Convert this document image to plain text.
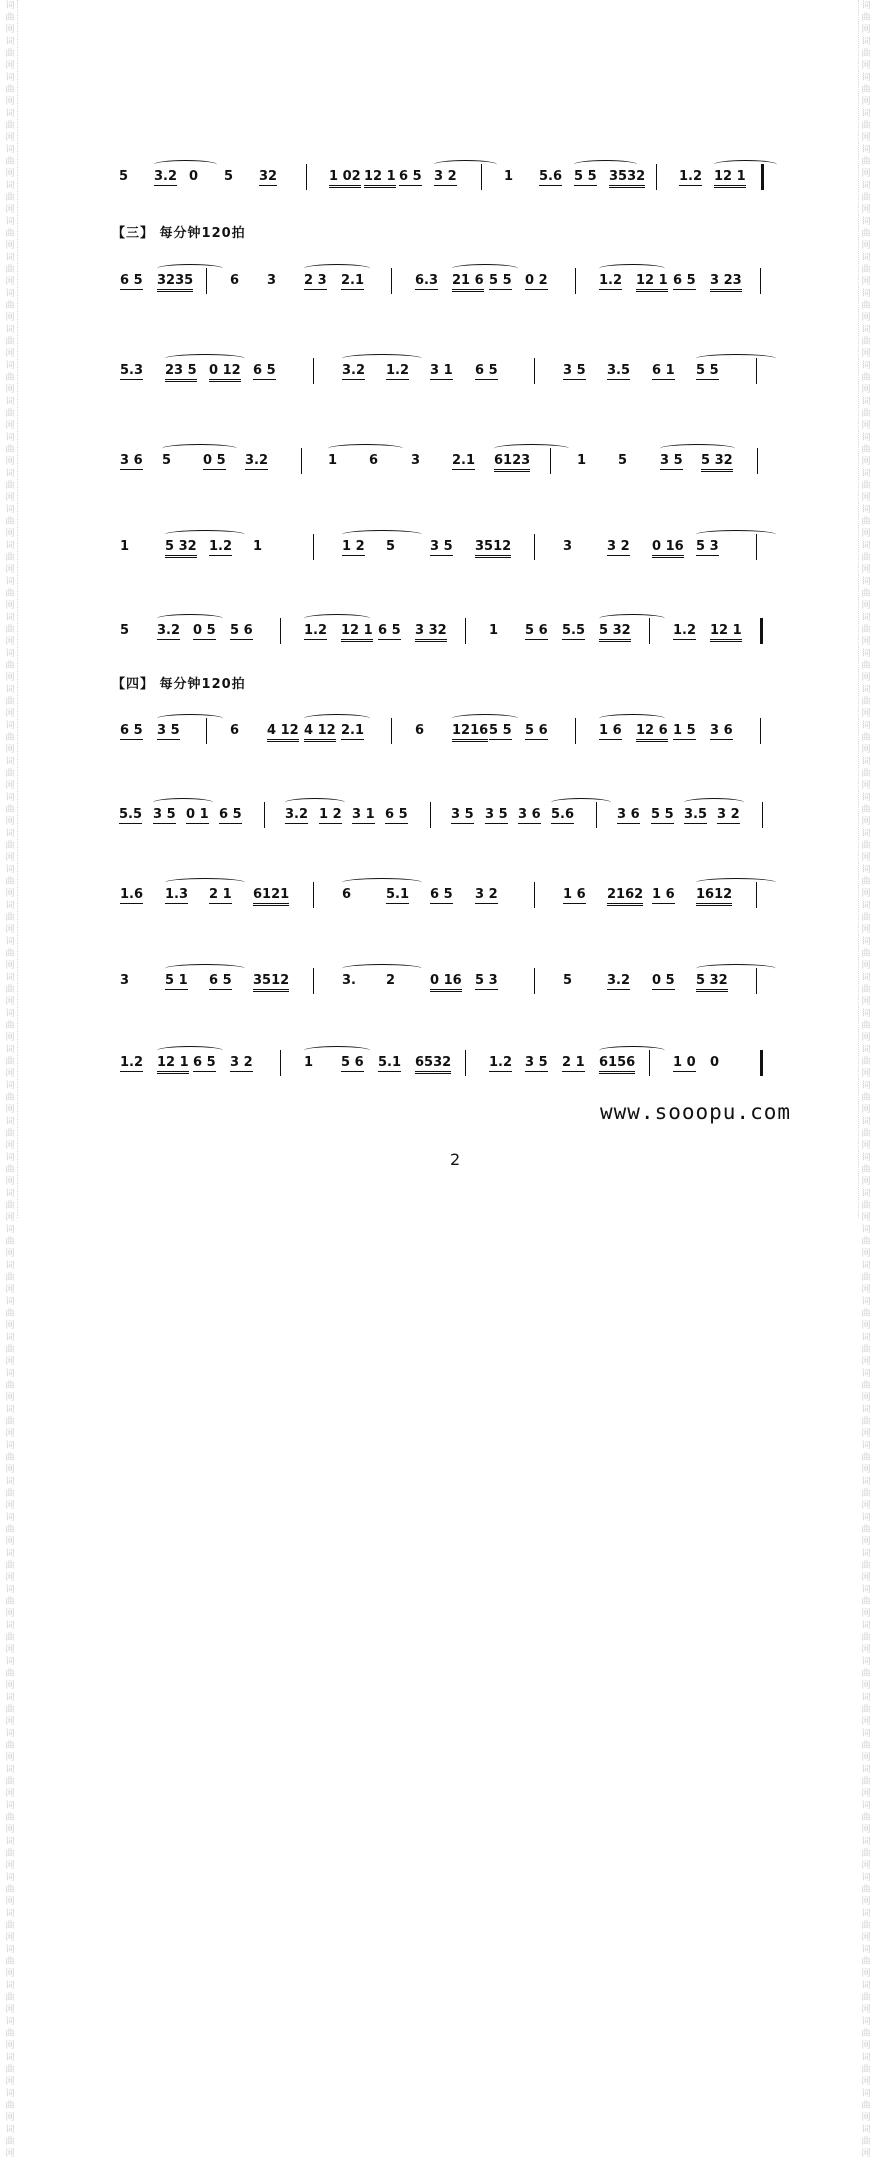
词曲网词曲网词曲网词曲网词曲网词曲网词曲网词曲网词曲网词曲网词曲网词曲网词曲网词曲网词曲网词曲网词曲网词曲网词曲网词曲网词曲网词曲网词曲网词曲网词曲网词曲网词曲网词曲网词曲网词曲网词曲网词曲网词曲网词曲网词曲网词曲网词曲网词曲网词曲网词曲网词曲网词曲网词曲网词曲网词曲网词曲网词曲网词曲网词曲网词曲网词曲网词曲网词曲网词曲网词曲网词曲网词曲网词曲网词曲网词曲网
词曲网词曲网词曲网词曲网词曲网词曲网词曲网词曲网词曲网词曲网词曲网词曲网词曲网词曲网词曲网词曲网词曲网词曲网词曲网词曲网词曲网词曲网词曲网词曲网词曲网词曲网词曲网词曲网词曲网词曲网词曲网词曲网词曲网词曲网词曲网词曲网词曲网词曲网词曲网词曲网词曲网词曲网词曲网词曲网词曲网词曲网词曲网词曲网词曲网词曲网词曲网词曲网词曲网词曲网词曲网词曲网词曲网词曲网词曲网词曲网
【三】 每分钟120拍
【四】 每分钟120拍
5 3.2 0 5 32	1 02 12 1 6 5 3 2	1 5.6 5 5 3532	1.2 12 1
6 5 3235	6 3 2 3 2.1	6.3 21 6 5 5 0 2	1.2 12 1 6 5 3 23
5.3 23 5 0 12 6 5	3.2 1.2 3 1 6 5	3 5 3.5 6 1 5 5
3 6 5 0 5 3.2	1 6	3 2.1 6123	1 5	3 5 5 32
1	5 32 1.2 1	1 2 5	3 5 3512	3	3 2 0 16 5 3
5 3.2 0 5 5 6	1.2 12 1 6 5 3 32	1 5 6 5.5 5 32	1.2 12 1
6 5 3 5	6 4 12 4 12 2.1	6 1216 5 5 5 6	1 6 12 6 1 5 3 6
5.5 3 5 0 1 6 5	3.2 1 2 3 1 6 5	3 5 3 5 3 6 5.6	3 6 5 5 3.5 3 2
1.6 1.3 2 1 6121	6	5.1 6 5 3 2	1 6 2162 1 6 1612
3	5 1 6 5 3512	3. 2	0 16 5 3	5	3.2 0 5 5 32
1.2 12 1 6 5 3 2	1 5 6 5.1 6532	1.2 3 5 2 1 6156	1 0 0
www.sooopu.com
2
